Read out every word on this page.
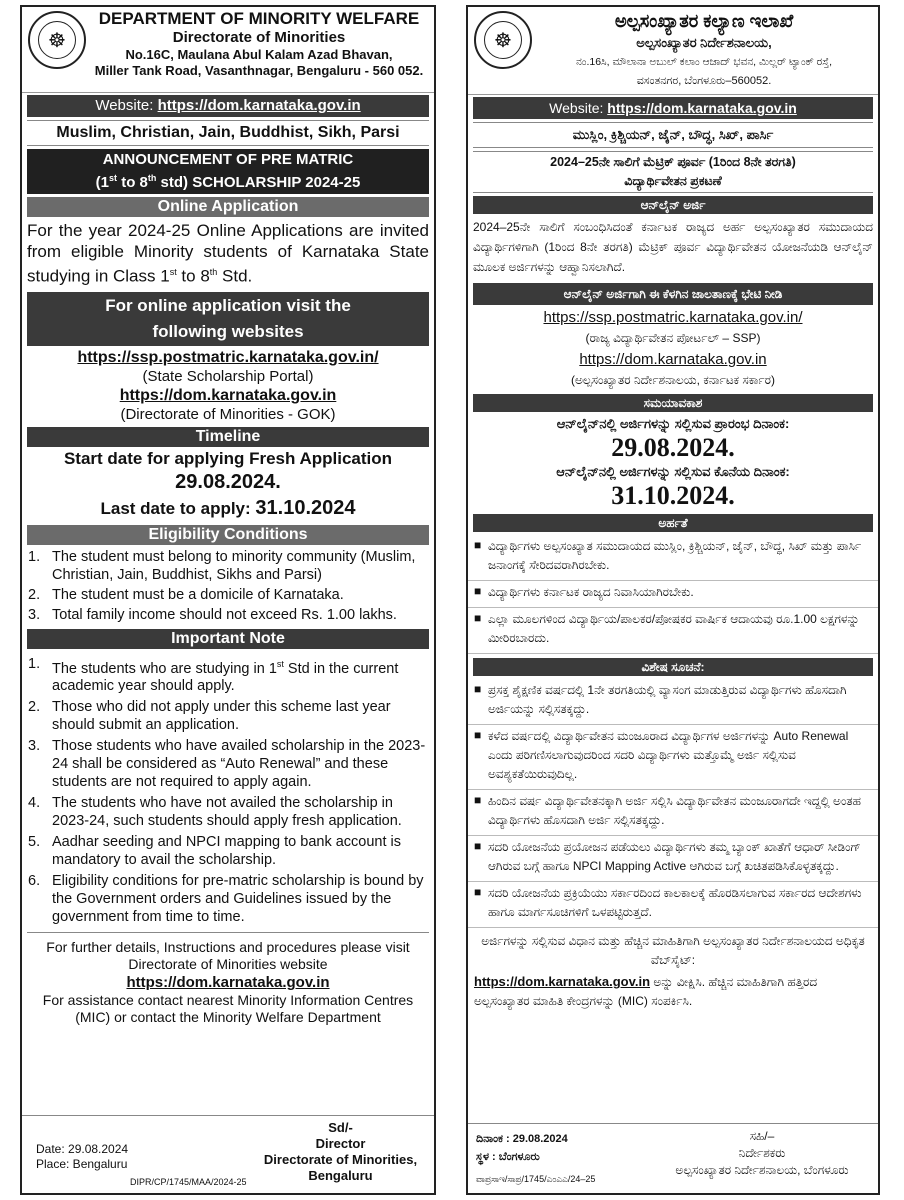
☸
DEPARTMENT OF MINORITY WELFARE
Directorate of Minorities
No.16C, Maulana Abul Kalam Azad Bhavan,
Miller Tank Road, Vasanthnagar, Bengaluru - 560 052.
Website: https://dom.karnataka.gov.in
Muslim, Christian, Jain, Buddhist, Sikh, Parsi
ANNOUNCEMENT OF PRE MATRIC
(1st to 8th std) SCHOLARSHIP 2024-25
Online Application
For the year 2024-25 Online Applications are invited from eligible Minority students of Karnataka State studying in Class 1st to 8th Std.
For online application visit the
following websites
https://ssp.postmatric.karnataka.gov.in/
(State Scholarship Portal)
https://dom.karnataka.gov.in
(Directorate of Minorities - GOK)
Timeline
Start date for applying Fresh Application
29.08.2024.
Last date to apply: 31.10.2024
Eligibility Conditions
1. The student must belong to minority community (Muslim, Christian, Jain, Buddhist, Sikhs and Parsi)
2. The student must be a domicile of Karnataka.
3. Total family income should not exceed Rs. 1.00 lakhs.
Important Note
1. The students who are studying in 1st Std in the current academic year should apply.
2. Those who did not apply under this scheme last year should submit an application.
3. Those students who have availed scholarship in the 2023-24 shall be considered as “Auto Renewal” and these students are not required to apply again.
4. The students who have not availed the scholarship in 2023-24, such students should apply fresh application.
5. Aadhar seeding and NPCI mapping to bank account is mandatory to avail the scholarship.
6. Eligibility conditions for pre-matric scholarship is bound by the Government orders and Guidelines issued by the government from time to time.
For further details, Instructions and procedures please visit Directorate of Minorities website
https://dom.karnataka.gov.in
For assistance contact nearest Minority Information Centres (MIC) or contact the Minority Welfare Department
Date: 29.08.2024
Place: Bengaluru
DIPR/CP/1745/MAA/2024-25
Sd/-
Director
Directorate of Minorities,
Bengaluru
☸
ಅಲ್ಪಸಂಖ್ಯಾತರ ಕಲ್ಯಾಣ ಇಲಾಖೆ
ಅಲ್ಪಸಂಖ್ಯಾತರ ನಿರ್ದೇಶನಾಲಯ,
ನಂ.16ಸಿ, ಮೌಲಾನಾ ಅಬುಲ್ ಕಲಾಂ ಆಜಾದ್ ಭವನ, ಮಿಲ್ಲರ್ ಟ್ಯಾಂಕ್ ರಸ್ತೆ,
ವಸಂತನಗರ, ಬೆಂಗಳೂರು–560052.
Website: https://dom.karnataka.gov.in
ಮುಸ್ಲಿಂ, ಕ್ರಿಶ್ಚಿಯನ್, ಜೈನ್, ಬೌದ್ಧ, ಸಿಖ್, ಪಾರ್ಸಿ
2024–25ನೇ ಸಾಲಿಗೆ ಮೆಟ್ರಿಕ್ ಪೂರ್ವ (1ರಿಂದ 8ನೇ ತರಗತಿ)
ವಿದ್ಯಾರ್ಥಿವೇತನ ಪ್ರಕಟಣೆ
ಆನ್‌ಲೈನ್ ಅರ್ಜಿ
2024–25ನೇ ಸಾಲಿಗೆ ಸಂಬಂಧಿಸಿದಂತೆ ಕರ್ನಾಟಕ ರಾಜ್ಯದ ಅರ್ಹ ಅಲ್ಪಸಂಖ್ಯಾತರ ಸಮುದಾಯದ ವಿದ್ಯಾರ್ಥಿಗಳಿಗಾಗಿ (1ರಿಂದ 8ನೇ ತರಗತಿ) ಮೆಟ್ರಿಕ್ ಪೂರ್ವ ವಿದ್ಯಾರ್ಥಿವೇತನ ಯೋಜನೆಯಡಿ ಆನ್‌ಲೈನ್ ಮೂಲಕ ಅರ್ಜಿಗಳನ್ನು ಆಹ್ವಾನಿಸಲಾಗಿದೆ.
ಆನ್‌ಲೈನ್ ಅರ್ಜಿಗಾಗಿ ಈ ಕೆಳಗಿನ ಜಾಲತಾಣಕ್ಕೆ ಭೇಟಿ ನೀಡಿ
https://ssp.postmatric.karnataka.gov.in/
(ರಾಜ್ಯ ವಿದ್ಯಾರ್ಥಿವೇತನ ಪೋರ್ಟಲ್ – SSP)
https://dom.karnataka.gov.in
(ಅಲ್ಪಸಂಖ್ಯಾತರ ನಿರ್ದೇಶನಾಲಯ, ಕರ್ನಾಟಕ ಸರ್ಕಾರ)
ಸಮಯಾವಕಾಶ
ಆನ್‌ಲೈನ್‌ನಲ್ಲಿ ಅರ್ಜಿಗಳನ್ನು ಸಲ್ಲಿಸುವ ಪ್ರಾರಂಭ ದಿನಾಂಕ:
29.08.2024.
ಆನ್‌ಲೈನ್‌ನಲ್ಲಿ ಅರ್ಜಿಗಳನ್ನು ಸಲ್ಲಿಸುವ ಕೊನೆಯ ದಿನಾಂಕ:
31.10.2024.
ಅರ್ಹತೆ
■ ವಿದ್ಯಾರ್ಥಿಗಳು ಅಲ್ಪಸಂಖ್ಯಾತ ಸಮುದಾಯದ ಮುಸ್ಲಿಂ, ಕ್ರಿಶ್ಚಿಯನ್, ಜೈನ್, ಬೌದ್ಧ, ಸಿಖ್ ಮತ್ತು ಪಾರ್ಸಿ ಜನಾಂಗಕ್ಕೆ ಸೇರಿದವರಾಗಿರಬೇಕು.
■ ವಿದ್ಯಾರ್ಥಿಗಳು ಕರ್ನಾಟಕ ರಾಜ್ಯದ ನಿವಾಸಿಯಾಗಿರಬೇಕು.
■ ಎಲ್ಲಾ ಮೂಲಗಳಿಂದ ವಿದ್ಯಾರ್ಥಿಯ/ಪಾಲಕರ/ಪೋಷಕರ ವಾರ್ಷಿಕ ಆದಾಯವು ರೂ.1.00 ಲಕ್ಷಗಳನ್ನು ಮೀರಿರಬಾರದು.
ವಿಶೇಷ ಸೂಚನೆ:
■ ಪ್ರಸಕ್ತ ಶೈಕ್ಷಣಿಕ ವರ್ಷದಲ್ಲಿ 1ನೇ ತರಗತಿಯಲ್ಲಿ ವ್ಯಾಸಂಗ ಮಾಡುತ್ತಿರುವ ವಿದ್ಯಾರ್ಥಿಗಳು ಹೊಸದಾಗಿ ಅರ್ಜಿಯನ್ನು ಸಲ್ಲಿಸತಕ್ಕದ್ದು.
■ ಕಳೆದ ವರ್ಷದಲ್ಲಿ ವಿದ್ಯಾರ್ಥಿವೇತನ ಮಂಜೂರಾದ ವಿದ್ಯಾರ್ಥಿಗಳ ಅರ್ಜಿಗಳನ್ನು Auto Renewal ಎಂದು ಪರಿಗಣಿಸಲಾಗುವುದರಿಂದ ಸದರಿ ವಿದ್ಯಾರ್ಥಿಗಳು ಮತ್ತೊಮ್ಮೆ ಅರ್ಜಿ ಸಲ್ಲಿಸುವ ಅವಶ್ಯಕತೆಯಿರುವುದಿಲ್ಲ.
■ ಹಿಂದಿನ ವರ್ಷ ವಿದ್ಯಾರ್ಥಿವೇತನಕ್ಕಾಗಿ ಅರ್ಜಿ ಸಲ್ಲಿಸಿ ವಿದ್ಯಾರ್ಥಿವೇತನ ಮಂಜೂರಾಗದೇ ಇದ್ದಲ್ಲಿ ಅಂತಹ ವಿದ್ಯಾರ್ಥಿಗಳು ಹೊಸದಾಗಿ ಅರ್ಜಿ ಸಲ್ಲಿಸತಕ್ಕದ್ದು.
■ ಸದರಿ ಯೋಜನೆಯ ಪ್ರಯೋಜನ ಪಡೆಯಲು ವಿದ್ಯಾರ್ಥಿಗಳು ತಮ್ಮ ಬ್ಯಾಂಕ್ ಖಾತೆಗೆ ಆಧಾರ್ ಸೀಡಿಂಗ್ ಆಗಿರುವ ಬಗ್ಗೆ ಹಾಗೂ NPCI Mapping Active ಆಗಿರುವ ಬಗ್ಗೆ ಖಚಿತಪಡಿಸಿಕೊಳ್ಳತಕ್ಕದ್ದು.
■ ಸದರಿ ಯೋಜನೆಯ ಪ್ರಕ್ರಿಯೆಯು ಸರ್ಕಾರದಿಂದ ಕಾಲಕಾಲಕ್ಕೆ ಹೊರಡಿಸಲಾಗುವ ಸರ್ಕಾರದ ಆದೇಶಗಳು ಹಾಗೂ ಮಾರ್ಗಸೂಚಿಗಳಿಗೆ ಒಳಪಟ್ಟಿರುತ್ತದೆ.
ಅರ್ಜಿಗಳನ್ನು ಸಲ್ಲಿಸುವ ವಿಧಾನ ಮತ್ತು ಹೆಚ್ಚಿನ ಮಾಹಿತಿಗಾಗಿ ಅಲ್ಪಸಂಖ್ಯಾತರ ನಿರ್ದೇಶನಾಲಯದ ಅಧಿಕೃತ ವೆಬ್‌ಸೈಟ್:
https://dom.karnataka.gov.in ಅನ್ನು ವೀಕ್ಷಿಸಿ. ಹೆಚ್ಚಿನ ಮಾಹಿತಿಗಾಗಿ ಹತ್ತಿರದ ಅಲ್ಪಸಂಖ್ಯಾತರ ಮಾಹಿತಿ ಕೇಂದ್ರಗಳನ್ನು (MIC) ಸಂಪರ್ಕಿಸಿ.
ದಿನಾಂಕ : 29.08.2024
ಸ್ಥಳ : ಬೆಂಗಳೂರು
ವಾಪ್ರಸಾಇ/ಸಾಪ್ರ/1745/ಎಂಎಎ/24–25
ಸಹಿ/–
ನಿರ್ದೇಶಕರು
ಅಲ್ಪಸಂಖ್ಯಾತರ ನಿರ್ದೇಶನಾಲಯ, ಬೆಂಗಳೂರು
